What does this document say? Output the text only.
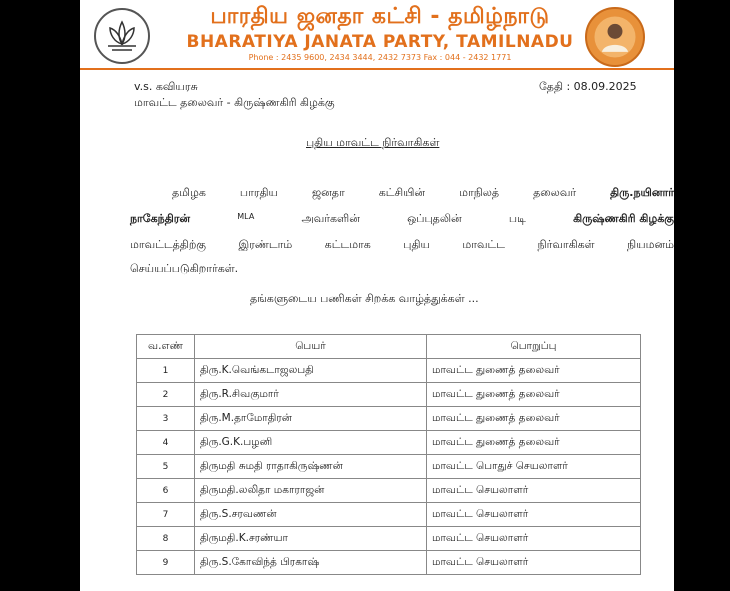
பாரதிய ஜனதா கட்சி - தமிழ்நாடு
BHARATIYA JANATA PARTY, TAMILNADU
Phone : 2435 9600, 2434 3444, 2432 7373 Fax : 044 - 2432 1771
v.s. கவியரசு
மாவட்ட தலைவர் - கிருஷ்ணகிரி கிழக்கு
தேதி : 08.09.2025
புதிய மாவட்ட நிர்வாகிகள்
தமிழக	பாரதிய	ஜனதா	கட்சியின்	மாநிலத்	தலைவர்	திரு.நயினார்
நாகேந்திரன்	MLA	அவர்களின்	ஒப்புதலின்	படி	கிருஷ்ணகிரி கிழக்கு
மாவட்டத்திற்கு	இரண்டாம்	கட்டமாக	புதிய	மாவட்ட	நிர்வாகிகள்	நியமனம்
செய்யப்படுகிறார்கள்.
தங்களுடைய பணிகள் சிறக்க வாழ்த்துக்கள் ...
வ.எண்	பெயர்	பொறுப்பு
1	திரு.K.வெங்கடாஜலபதி	மாவட்ட துணைத் தலைவர்
2	திரு.R.சிவகுமார்	மாவட்ட துணைத் தலைவர்
3	திரு.M.தாமோதிரன்	மாவட்ட துணைத் தலைவர்
4	திரு.G.K.பழனி	மாவட்ட துணைத் தலைவர்
5	திருமதி சுமதி ராதாகிருஷ்ணன்	மாவட்ட பொதுச் செயலாளர்
6	திருமதி.லலிதா மகாராஜன்	மாவட்ட செயலாளர்
7	திரு.S.சரவணன்	மாவட்ட செயலாளர்
8	திருமதி.K.சரண்யா	மாவட்ட செயலாளர்
9	திரு.S.கோவிந்த் பிரகாஷ்	மாவட்ட செயலாளர்
